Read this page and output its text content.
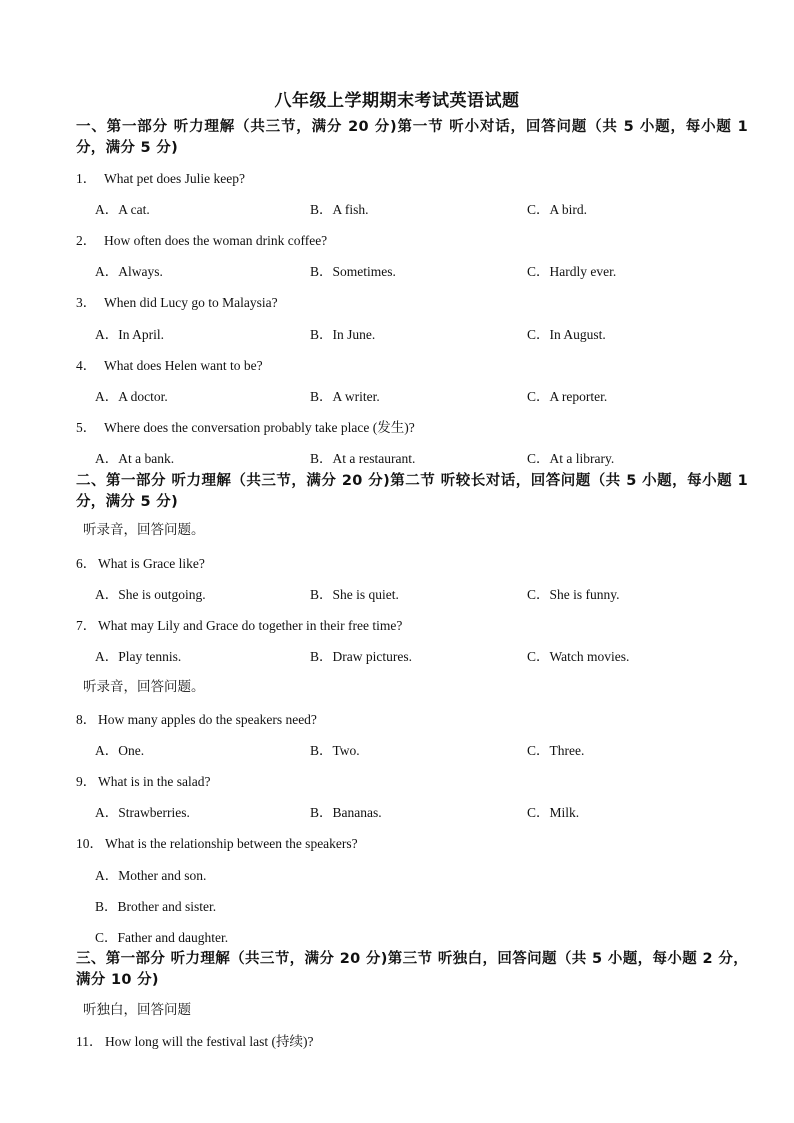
八年级上学期期末考试英语试题
一、第一部分 听力理解（共三节，满分 20 分)第一节 听小对话，回答问题（共 5 小题，每小题 1 分，满分 5 分)
1． What pet does Julie keep?
A．A cat.	B．A fish.	C．A bird.
2． How often does the woman drink coffee?
A．Always.	B．Sometimes.	C．Hardly ever.
3． When did Lucy go to Malaysia?
A．In April.	B．In June.	C．In August.
4． What does Helen want to be?
A．A doctor.	B．A writer.	C．A reporter.
5． Where does the conversation probably take place (发生)?
A．At a bank.	B．At a restaurant.	C．At a library.
二、第一部分 听力理解（共三节，满分 20 分)第二节 听较长对话，回答问题（共 5 小题，每小题 1 分，满分 5 分)
听录音，回答问题。
6． What is Grace like?
A．She is outgoing.	B．She is quiet.	C．She is funny.
7． What may Lily and Grace do together in their free time?
A．Play tennis.	B．Draw pictures.	C．Watch movies.
听录音，回答问题。
8． How many apples do the speakers need?
A．One.	B．Two.	C．Three.
9． What is in the salad?
A．Strawberries.	B．Bananas.	C．Milk.
10． What is the relationship between the speakers?
A．Mother and son.
B．Brother and sister.
C．Father and daughter.
三、第一部分 听力理解（共三节，满分 20 分)第三节 听独白，回答问题（共 5 小题，每小题 2 分，满分 10 分)
听独白，回答问题
11． How long will the festival last (持续)?
